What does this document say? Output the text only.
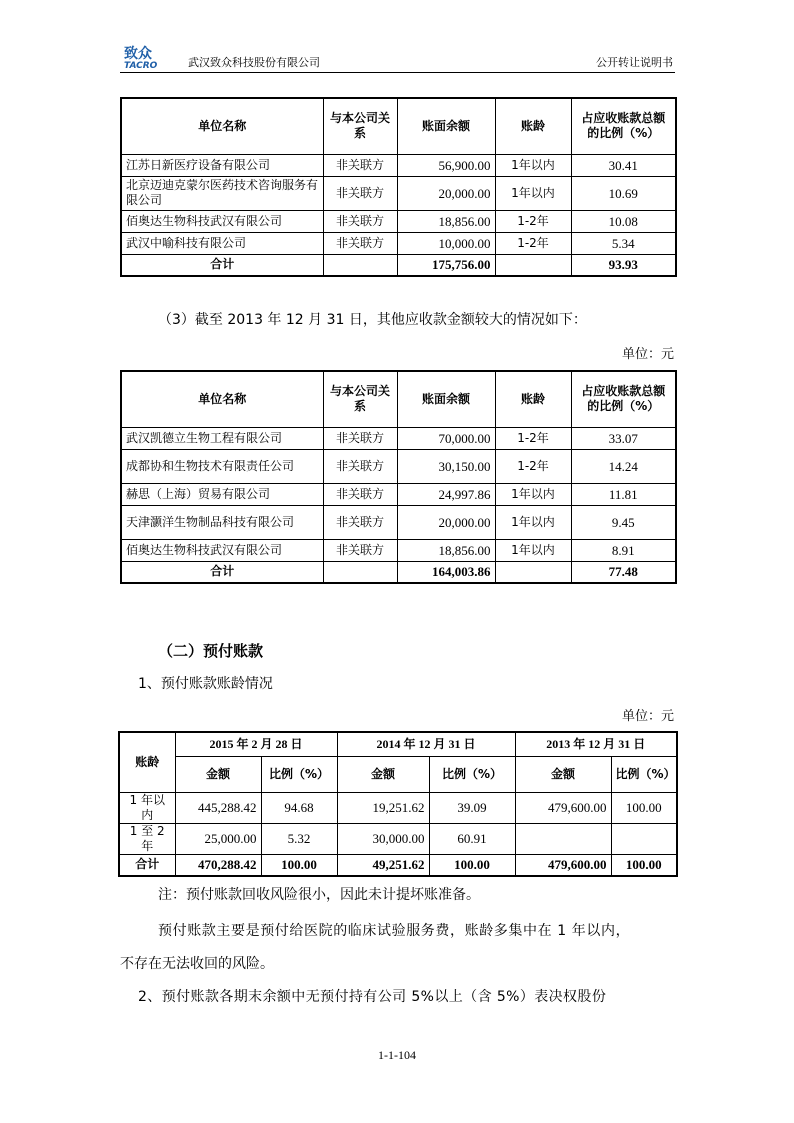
致众
TACRO	武汉致众科技股份有限公司	公开转让说明书
单位名称	与本公司关系	账面余额	账龄	占应收账款总额的比例（%）
江苏日新医疗设备有限公司	非关联方	56,900.00	1年以内	30.41
北京迈迪克蒙尔医药技术咨询服务有限公司	非关联方	20,000.00	1年以内	10.69
佰奥达生物科技武汉有限公司	非关联方	18,856.00	1-2年	10.08
武汉中喻科技有限公司	非关联方	10,000.00	1-2年	5.34
合计		175,756.00		93.93
（3）截至 2013 年 12 月 31 日，其他应收款金额较大的情况如下：
单位：元
单位名称	与本公司关系	账面余额	账龄	占应收账款总额的比例（%）
武汉凯德立生物工程有限公司	非关联方	70,000.00	1-2年	33.07
成都协和生物技术有限责任公司	非关联方	30,150.00	1-2年	14.24
赫思（上海）贸易有限公司	非关联方	24,997.86	1年以内	11.81
天津灏洋生物制品科技有限公司	非关联方	20,000.00	1年以内	9.45
佰奥达生物科技武汉有限公司	非关联方	18,856.00	1年以内	8.91
合计		164,003.86		77.48
（二）预付账款
1、预付账款账龄情况
单位：元
账龄	2015 年 2 月 28 日		2014 年 12 月 31 日		2013 年 12 月 31 日	
	金额	比例（%）	金额	比例（%）	金额	比例（%）
1 年以内	445,288.42	94.68	19,251.62	39.09	479,600.00	100.00
1 至 2 年	25,000.00	5.32	30,000.00	60.91		
合计	470,288.42	100.00	49,251.62	100.00	479,600.00	100.00
注：预付账款回收风险很小，因此未计提坏账准备。
预付账款主要是预付给医院的临床试验服务费，账龄多集中在 1 年以内，
不存在无法收回的风险。
2、预付账款各期末余额中无预付持有公司 5%以上（含 5%）表决权股份
1-1-104
